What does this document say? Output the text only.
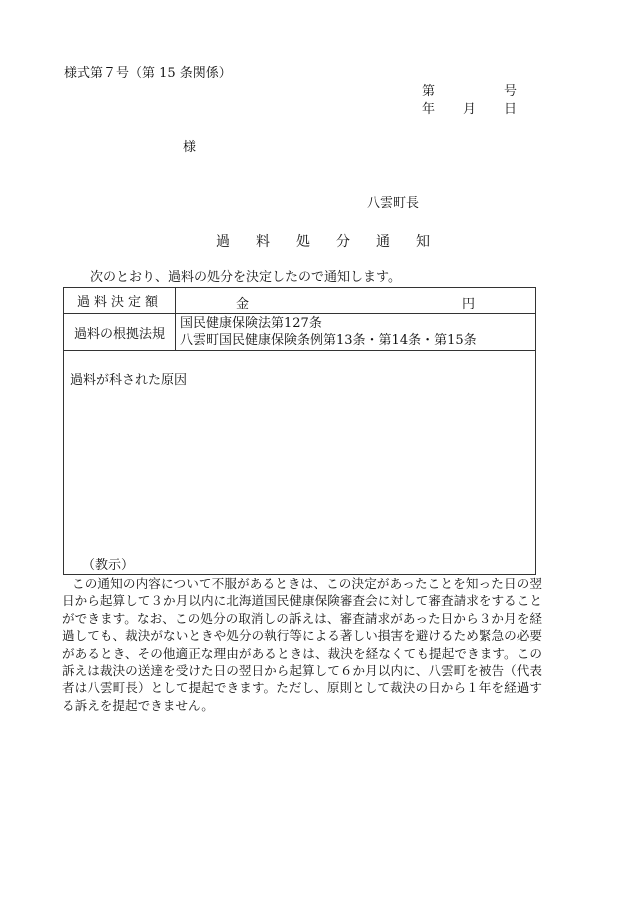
様式第７号（第 15 条関係）
第	号
年 月 日
様
八雲町長
過 料 処 分 通 知
次のとおり、過料の処分を決定したので通知します。
過料決定額	金 円

過料の根拠法規	国民健康保険法第127条
八雲町国民健康保険条例第13条・第14条・第15条

過料が科された原因	
（教示）

この通知の内容について不服があるときは、この決定があったことを知った日の翌日から起算して３か月以内に北海道国民健康保険審査会に対して審査請求をすることができます。なお、この処分の取消しの訴えは、審査請求があった日から３か月を経過しても、裁決がないときや処分の執行等による著しい損害を避けるため緊急の必要があるとき、その他適正な理由があるときは、裁決を経なくても提起できます。この訴えは裁決の送達を受けた日の翌日から起算して６か月以内に、八雲町を被告（代表者は八雲町長）として提起できます。ただし、原則として裁決の日から１年を経過する訴えを提起できません。
